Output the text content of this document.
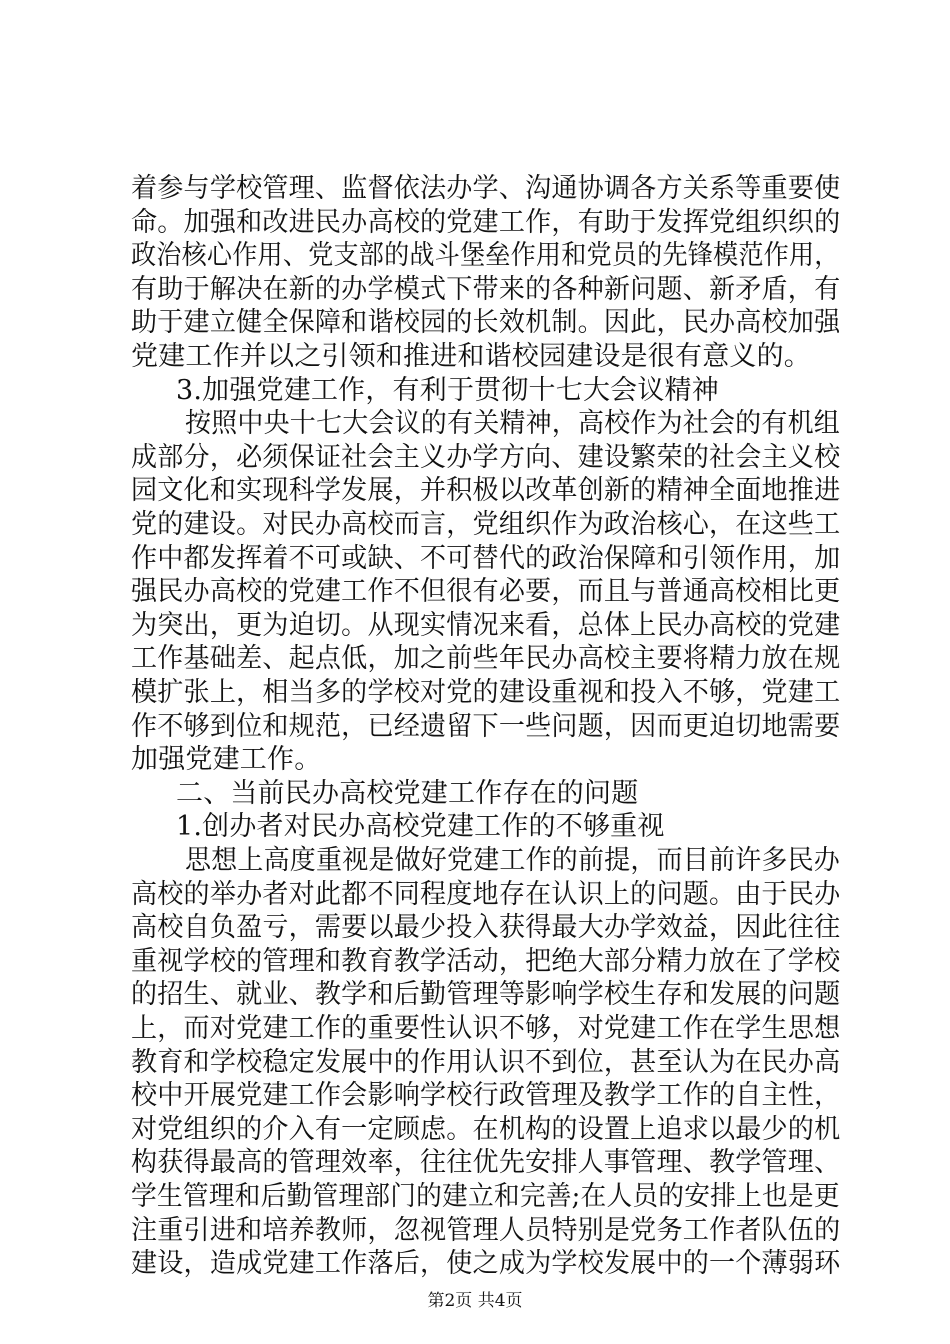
着参与学校管理、监督依法办学、沟通协调各方关系等重要使
命。加强和改进民办高校的党建工作，有助于发挥党组织织的
政治核心作用、党支部的战斗堡垒作用和党员的先锋模范作用，
有助于解决在新的办学模式下带来的各种新问题、新矛盾，有
助于建立健全保障和谐校园的长效机制。因此，民办高校加强
党建工作并以之引领和推进和谐校园建设是很有意义的。
3.加强党建工作，有利于贯彻十七大会议精神
按照中央十七大会议的有关精神，高校作为社会的有机组
成部分，必须保证社会主义办学方向、建设繁荣的社会主义校
园文化和实现科学发展，并积极以改革创新的精神全面地推进
党的建设。对民办高校而言，党组织作为政治核心，在这些工
作中都发挥着不可或缺、不可替代的政治保障和引领作用，加
强民办高校的党建工作不但很有必要，而且与普通高校相比更
为突出，更为迫切。从现实情况来看，总体上民办高校的党建
工作基础差、起点低，加之前些年民办高校主要将精力放在规
模扩张上，相当多的学校对党的建设重视和投入不够，党建工
作不够到位和规范，已经遗留下一些问题，因而更迫切地需要
加强党建工作。
二、当前民办高校党建工作存在的问题
1.创办者对民办高校党建工作的不够重视
思想上高度重视是做好党建工作的前提，而目前许多民办
高校的举办者对此都不同程度地存在认识上的问题。由于民办
高校自负盈亏，需要以最少投入获得最大办学效益，因此往往
重视学校的管理和教育教学活动，把绝大部分精力放在了学校
的招生、就业、教学和后勤管理等影响学校生存和发展的问题
上，而对党建工作的重要性认识不够，对党建工作在学生思想
教育和学校稳定发展中的作用认识不到位，甚至认为在民办高
校中开展党建工作会影响学校行政管理及教学工作的自主性，
对党组织的介入有一定顾虑。在机构的设置上追求以最少的机
构获得最高的管理效率，往往优先安排人事管理、教学管理、
学生管理和后勤管理部门的建立和完善;在人员的安排上也是更
注重引进和培养教师，忽视管理人员特别是党务工作者队伍的
第2页 共4页
建设，造成党建工作落后，使之成为学校发展中的一个薄弱环
